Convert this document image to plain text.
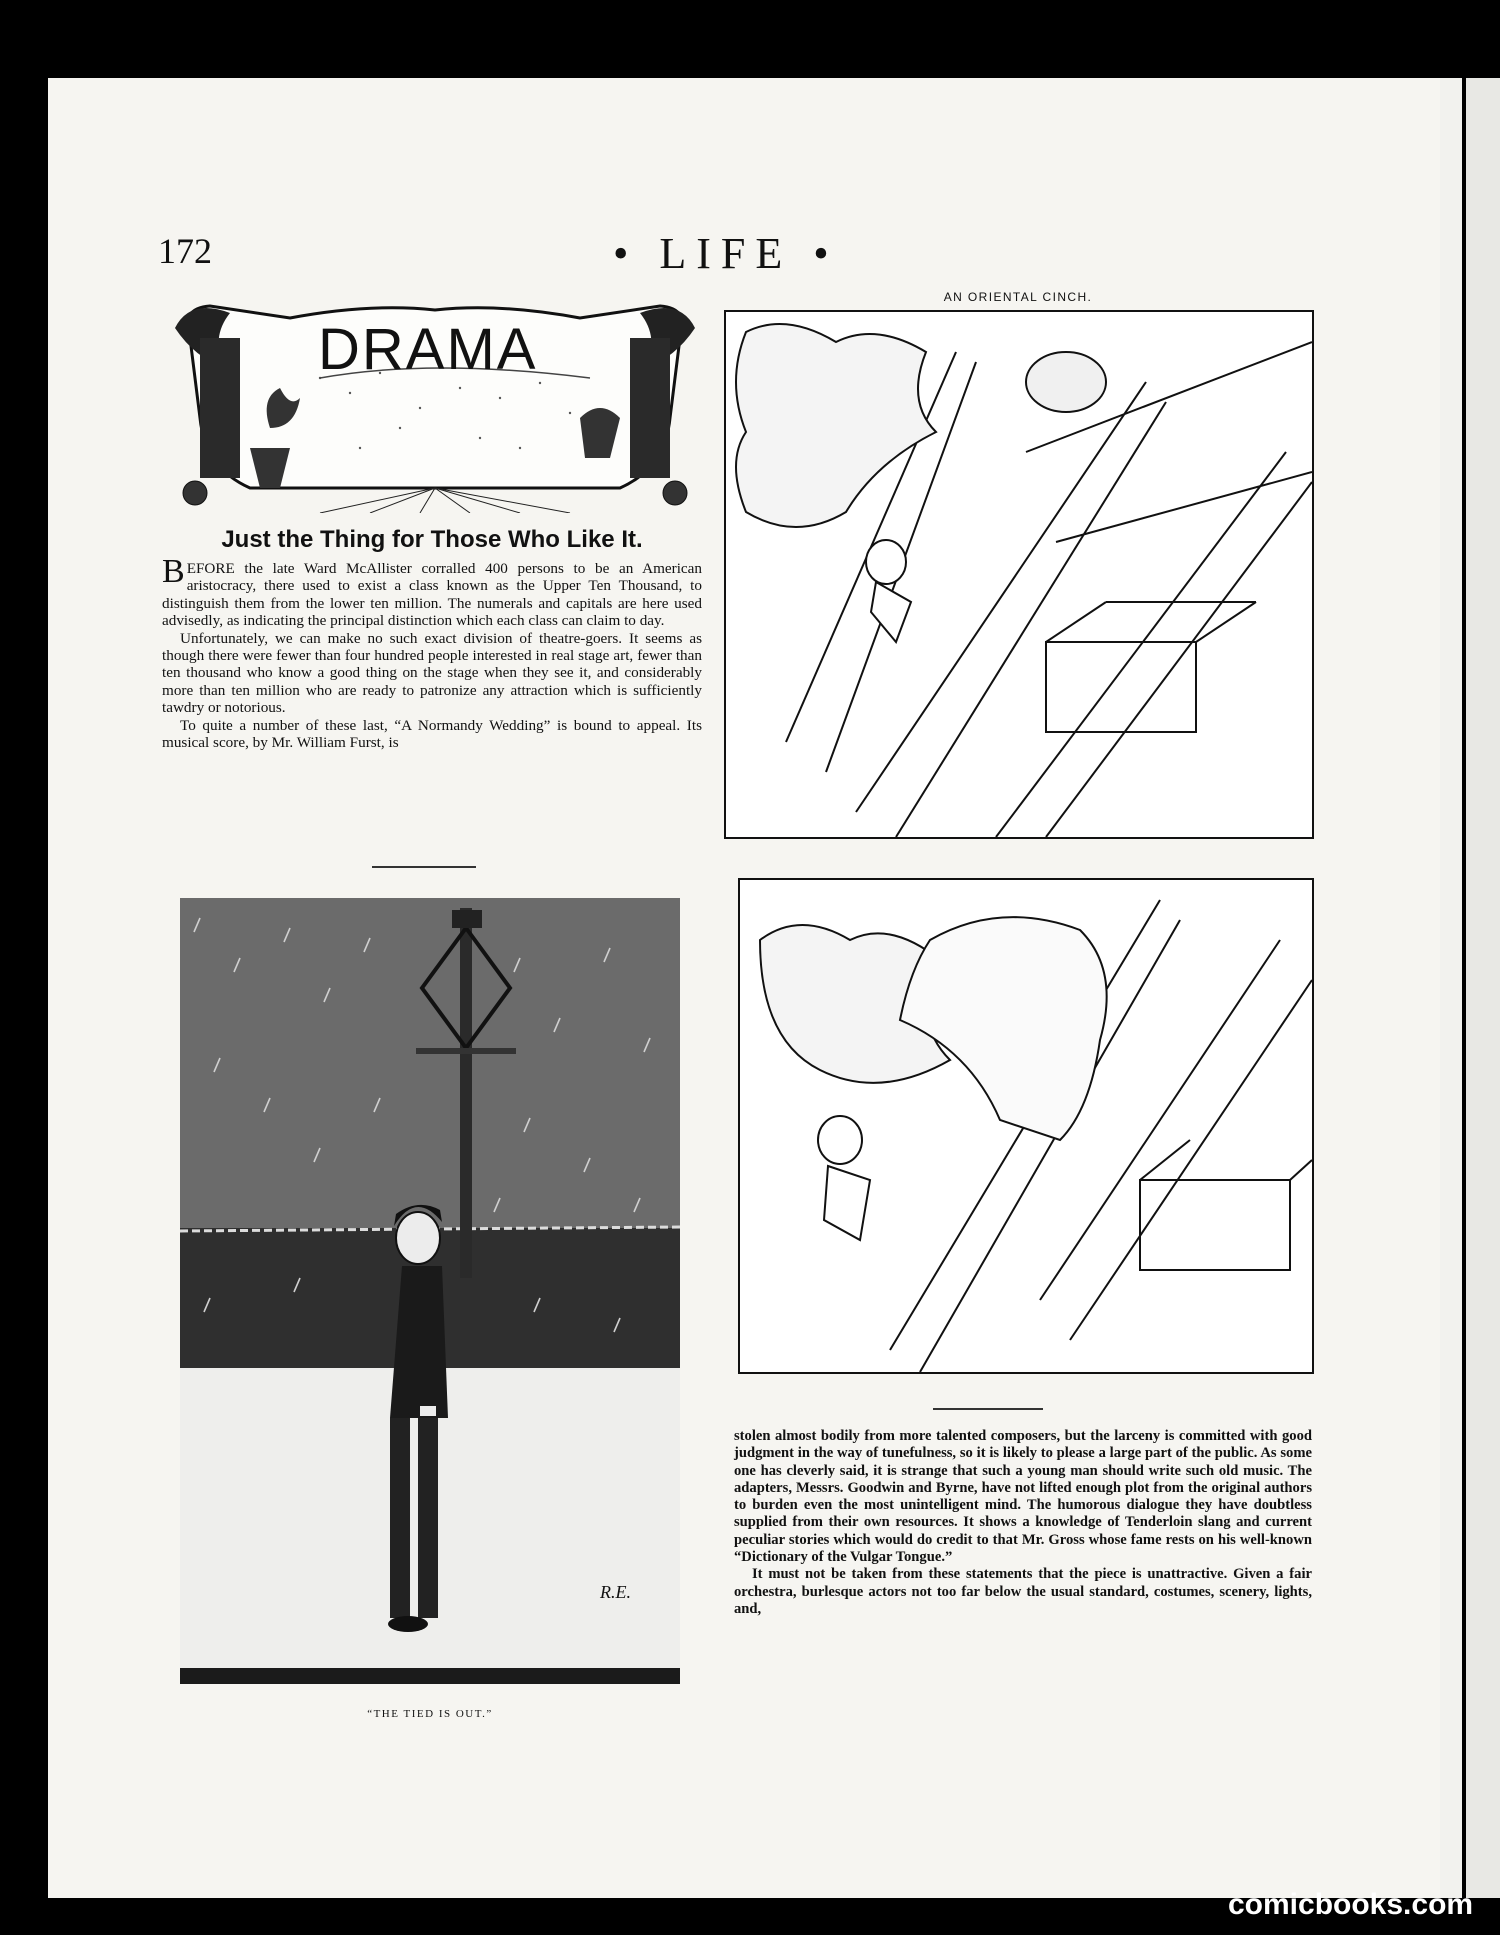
172	• LIFE •
DRAMA
Just the Thing for Those Who Like It.

BEFORE the late Ward McAllister corralled 400 persons to be an American aristocracy, there used to exist a class known as the Upper Ten Thousand, to distinguish them from the lower ten million. The numerals and capitals are here used advisedly, as indicating the principal distinction which each class can claim to day.

Unfortunately, we can make no such exact division of theatre-goers. It seems as though there were fewer than four hundred people interested in real stage art, fewer than ten thousand who know a good thing on the stage when they see it, and considerably more than ten million who are ready to patronize any attraction which is sufficiently tawdry or notorious.

To quite a number of these last, “A Normandy Wedding” is bound to appeal. Its musical score, by Mr. William Furst, is

R.E.
“THE TIED IS OUT.”
AN ORIENTAL CINCH.

stolen almost bodily from more talented composers, but the larceny is committed with good judgment in the way of tunefulness, so it is likely to please a large part of the public. As some one has cleverly said, it is strange that such a young man should write such old music. The adapters, Messrs. Goodwin and Byrne, have not lifted enough plot from the original authors to burden even the most unintelligent mind. The humorous dialogue they have doubtless supplied from their own resources. It shows a knowledge of Tenderloin slang and current peculiar stories which would do credit to that Mr. Gross whose fame rests on his well-known “Dictionary of the Vulgar Tongue.”

It must not be taken from these statements that the piece is unattractive. Given a fair orchestra, burlesque actors not too far below the usual standard, costumes, scenery, lights, and,

comicbooks.com
